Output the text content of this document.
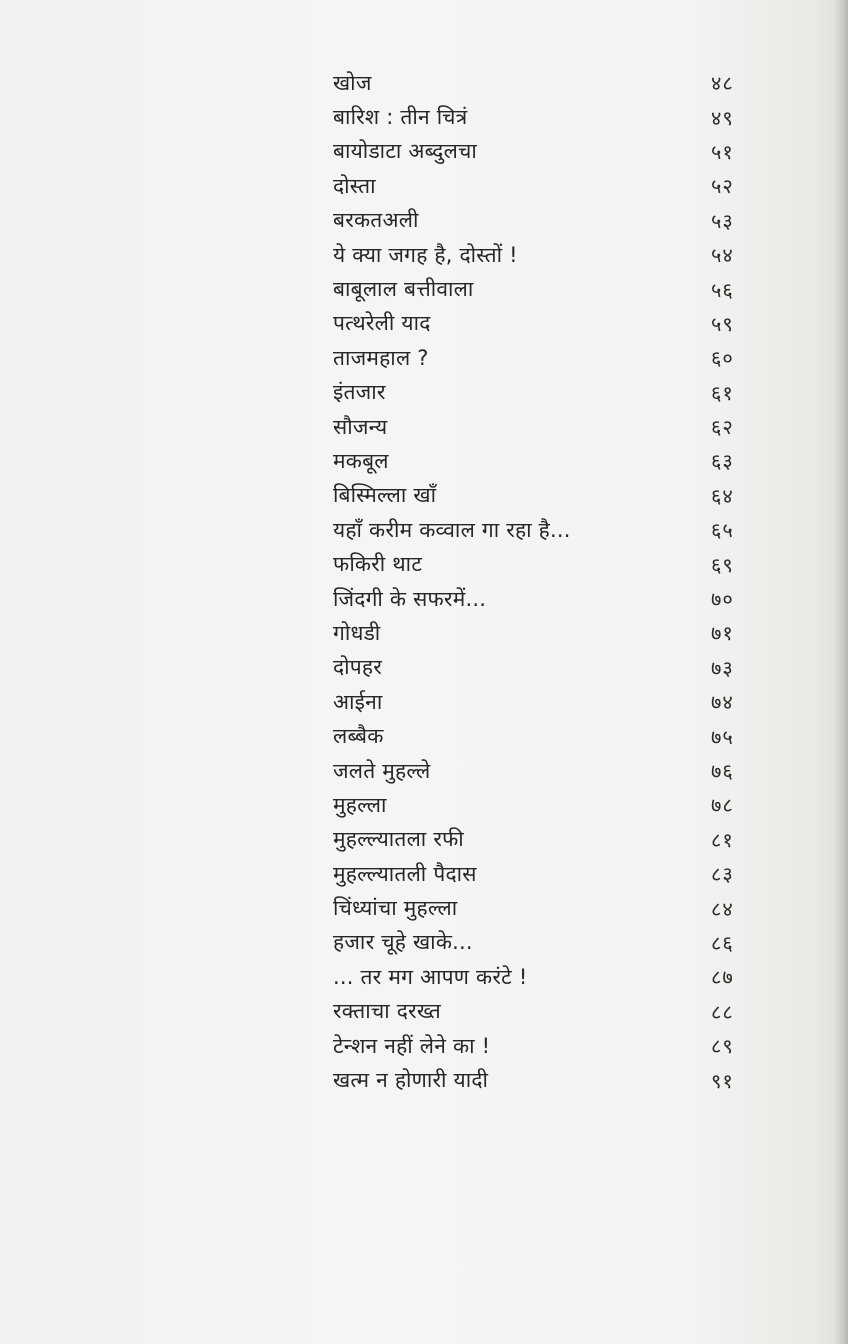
खोज	४८
बारिश : तीन चित्रं	४९
बायोडाटा अब्दुलचा	५१
दोस्ता	५२
बरकतअली	५३
ये क्या जगह है, दोस्तों !	५४
बाबूलाल बत्तीवाला	५६
पत्थरेली याद	५९
ताजमहाल ?	६०
इंतजार	६१
सौजन्य	६२
मकबूल	६३
बिस्मिल्ला खाँ	६४
यहाँ करीम कव्वाल गा रहा है...	६५
फकिरी थाट	६९
जिंदगी के सफरमें...	७०
गोधडी	७१
दोपहर	७३
आईना	७४
लब्बैक	७५
जलते मुहल्ले	७६
मुहल्ला	७८
मुहल्ल्यातला रफी	८१
मुहल्ल्यातली पैदास	८३
चिंध्यांचा मुहल्ला	८४
हजार चूहे खाके...	८६
... तर मग आपण करंटे !	८७
रक्ताचा दरख्त	८८
टेन्शन नहीं लेने का !	८९
खत्म न होणारी यादी	९१
